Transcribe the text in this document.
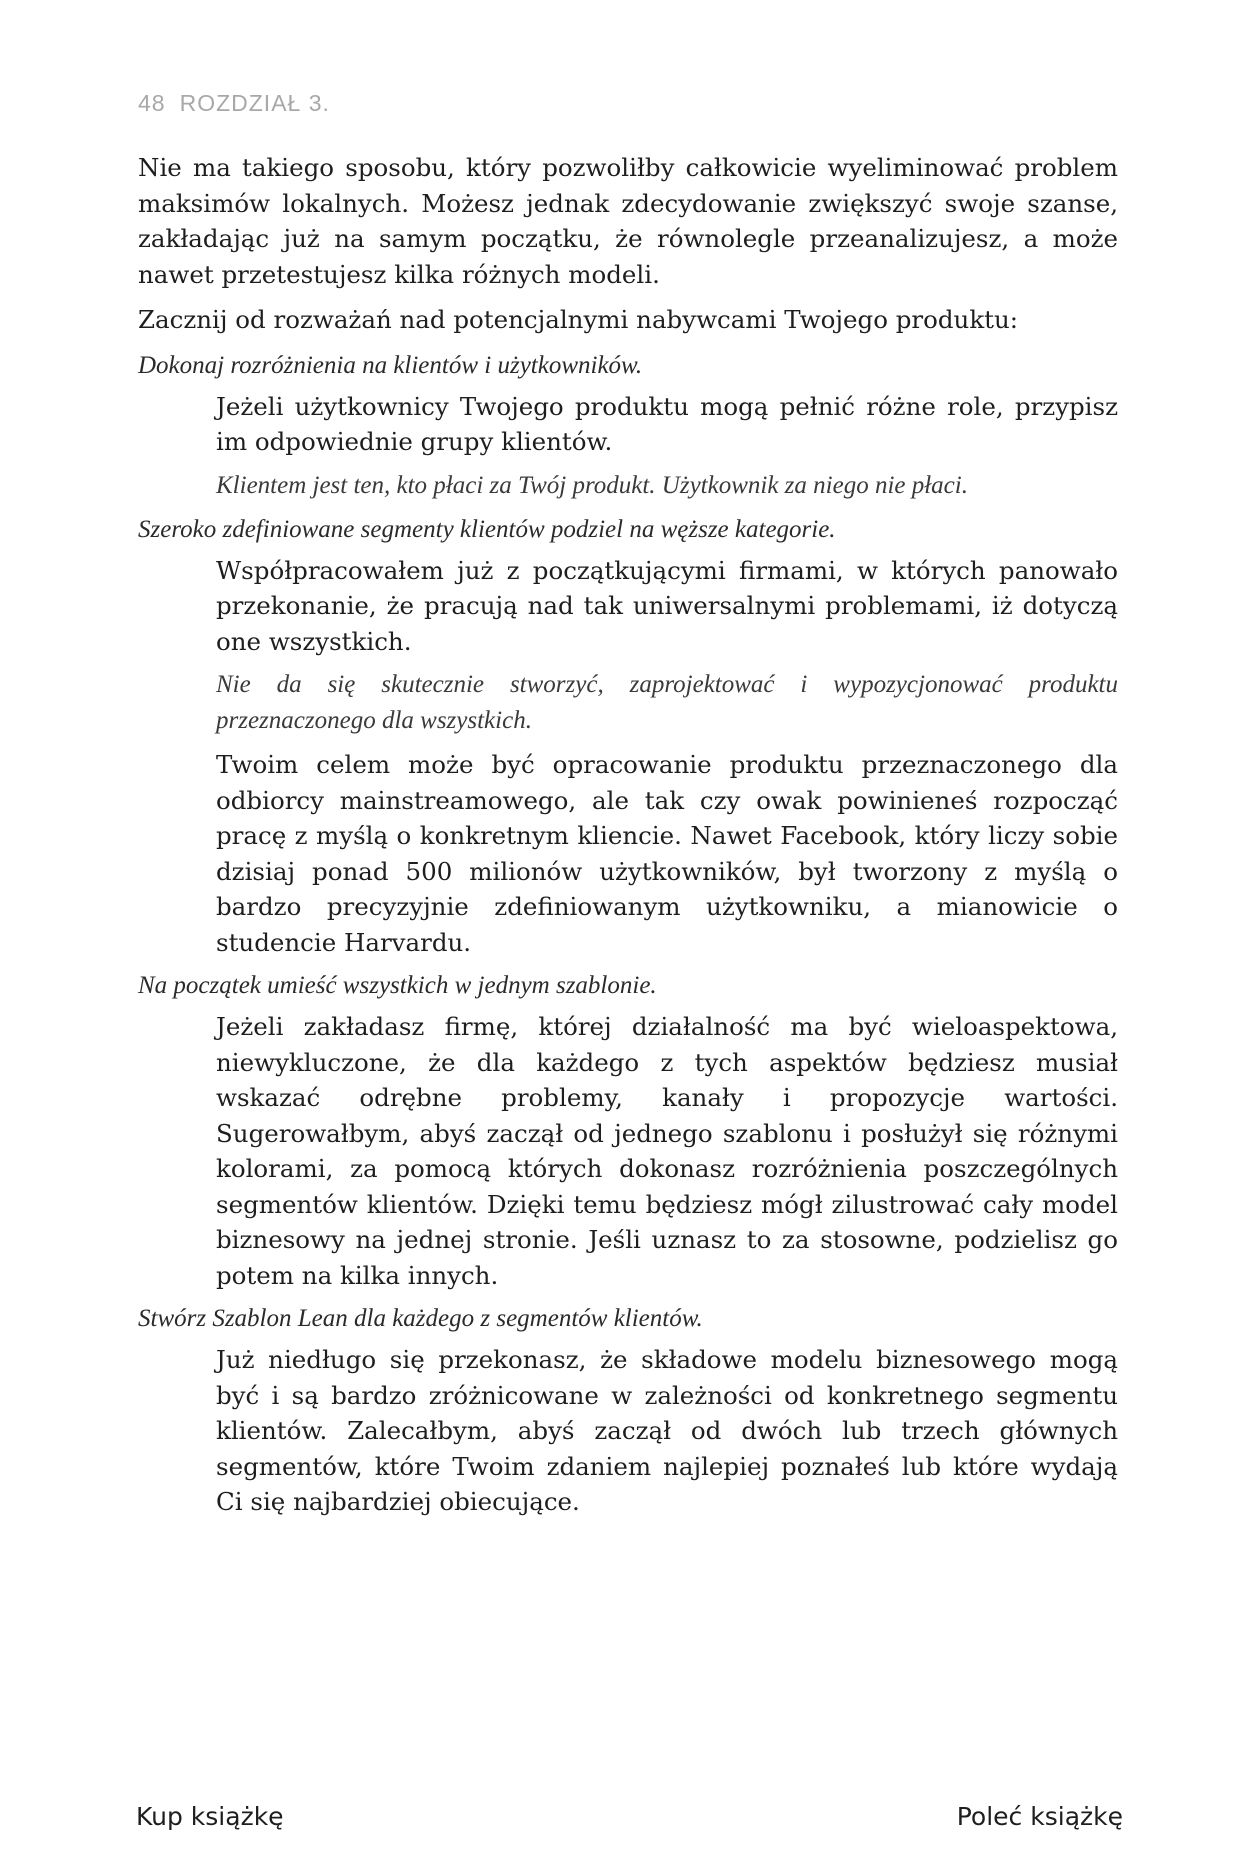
48 ROZDZIAŁ 3.

Nie ma takiego sposobu, który pozwoliłby całkowicie wyeliminować problem maksimów lokalnych. Możesz jednak zdecydowanie zwiększyć swoje szanse, zakładając już na samym początku, że równolegle przeanalizujesz, a może nawet przetestujesz kilka różnych modeli.

Zacznij od rozważań nad potencjalnymi nabywcami Twojego produktu:

Dokonaj rozróżnienia na klientów i użytkowników.

Jeżeli użytkownicy Twojego produktu mogą pełnić różne role, przypisz im odpowiednie grupy klientów.

Klientem jest ten, kto płaci za Twój produkt. Użytkownik za niego nie płaci.

Szeroko zdefiniowane segmenty klientów podziel na węższe kategorie.

Współpracowałem już z początkującymi firmami, w których panowało przekonanie, że pracują nad tak uniwersalnymi problemami, iż dotyczą one wszystkich.

Nie da się skutecznie stworzyć, zaprojektować i wypozycjonować produktu przeznaczonego dla wszystkich.

Twoim celem może być opracowanie produktu przeznaczonego dla odbiorcy mainstreamowego, ale tak czy owak powinieneś rozpocząć pracę z myślą o konkretnym kliencie. Nawet Facebook, który liczy sobie dzisiaj ponad 500 milionów użytkowników, był tworzony z myślą o bardzo precyzyjnie zdefiniowanym użytkowniku, a mianowicie o studencie Harvardu.

Na początek umieść wszystkich w jednym szablonie.

Jeżeli zakładasz firmę, której działalność ma być wieloaspektowa, niewykluczone, że dla każdego z tych aspektów będziesz musiał wskazać odrębne problemy, kanały i propozycje wartości. Sugerowałbym, abyś zaczął od jednego szablonu i posłużył się różnymi kolorami, za pomocą których dokonasz rozróżnienia poszczególnych segmentów klientów. Dzięki temu będziesz mógł zilustrować cały model biznesowy na jednej stronie. Jeśli uznasz to za stosowne, podzielisz go potem na kilka innych.

Stwórz Szablon Lean dla każdego z segmentów klientów.

Już niedługo się przekonasz, że składowe modelu biznesowego mogą być i są bardzo zróżnicowane w zależności od konkretnego segmentu klientów. Zalecałbym, abyś zaczął od dwóch lub trzech głównych segmentów, które Twoim zdaniem najlepiej poznałeś lub które wydają Ci się najbardziej obiecujące.

Kup książkę	Poleć książkę
